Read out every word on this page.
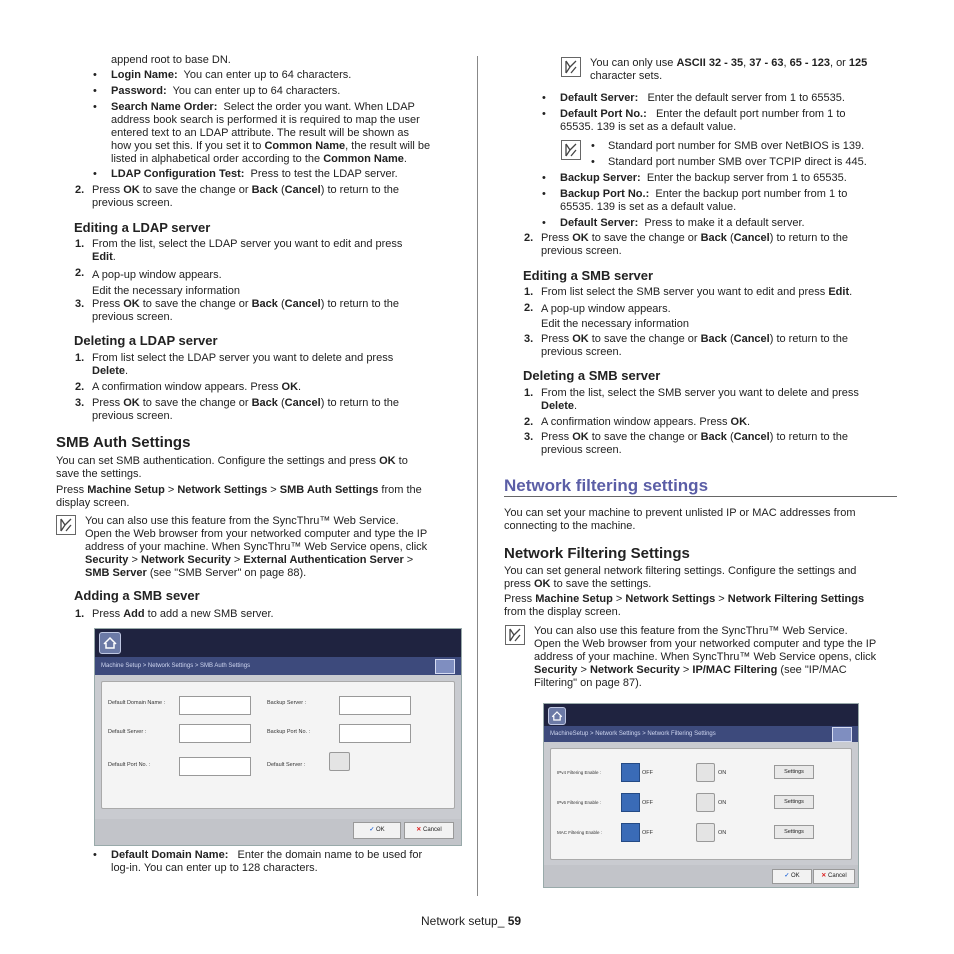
append root to base DN.
• Login Name: You can enter up to 64 characters.
• Password: You can enter up to 64 characters.
• Search Name Order: Select the order you want. When LDAP
address book search is performed it is required to map the user
entered text to an LDAP attribute. The result will be shown as
how you set this. If you set it to Common Name, the result will be
listed in alphabetical order according to the Common Name.
• LDAP Configuration Test: Press to test the LDAP server.
2. Press OK to save the change or Back (Cancel) to return to the
previous screen.
Editing a LDAP server
1. From the list, select the LDAP server you want to edit and press
Edit.
2. A pop-up window appears.
Edit the necessary information
3. Press OK to save the change or Back (Cancel) to return to the
previous screen.
Deleting a LDAP server
1. From list select the LDAP server you want to delete and press
Delete.
2. A confirmation window appears. Press OK.
3. Press OK to save the change or Back (Cancel) to return to the
previous screen.
SMB Auth Settings
You can set SMB authentication. Configure the settings and press OK to
save the settings.
Press Machine Setup > Network Settings > SMB Auth Settings from the
display screen.
You can also use this feature from the SyncThru™ Web Service.
Open the Web browser from your networked computer and type the IP
address of your machine. When SyncThru™ Web Service opens, click
Security > Network Security > External Authentication Server >
SMB Server (see "SMB Server" on page 88).
Adding a SMB sever
1. Press Add to add a new SMB server.
Machine Setup > Network Settings > SMB Auth Settings
Default Domain Name :
Default Server :
Default Port No. :
Backup Server :
Backup Port No. :
Default Server :
✓ OK	✕ Cancel
• Default Domain Name: Enter the domain name to be used for
log-in. You can enter up to 128 characters.
You can only use ASCII 32 - 35, 37 - 63, 65 - 123, or 125
character sets.
• Default Server: Enter the default server from 1 to 65535.
• Default Port No.: Enter the default port number from 1 to
65535. 139 is set as a default value.
• Standard port number for SMB over NetBIOS is 139.
• Standard port number SMB over TCPIP direct is 445.
• Backup Server: Enter the backup server from 1 to 65535.
• Backup Port No.: Enter the backup port number from 1 to
65535. 139 is set as a default value.
• Default Server: Press to make it a default server.
2. Press OK to save the change or Back (Cancel) to return to the
previous screen.
Editing a SMB server
1. From list select the SMB server you want to edit and press Edit.
2. A pop-up window appears.
Edit the necessary information
3. Press OK to save the change or Back (Cancel) to return to the
previous screen.
Deleting a SMB server
1. From the list, select the SMB server you want to delete and press
Delete.
2. A confirmation window appears. Press OK.
3. Press OK to save the change or Back (Cancel) to return to the
previous screen.
Network filtering settings
You can set your machine to prevent unlisted IP or MAC addresses from
connecting to the machine.
Network Filtering Settings
You can set general network filtering settings. Configure the settings and
press OK to save the settings.
Press Machine Setup > Network Settings > Network Filtering Settings
from the display screen.
You can also use this feature from the SyncThru™ Web Service.
Open the Web browser from your networked computer and type the IP
address of your machine. When SyncThru™ Web Service opens, click
Security > Network Security > IP/MAC Filtering (see "IP/MAC
Filtering" on page 87).
MachineSetup > Network Settings > Network Filtering Settings
IPv4 Filtering Enable :	OFF	ON	Settings
IPv6 Filtering Enable :	OFF	ON	Settings
MAC Filtering Enable :	OFF	ON	Settings
✓ OK	✕ Cancel
Network setup_ 59
